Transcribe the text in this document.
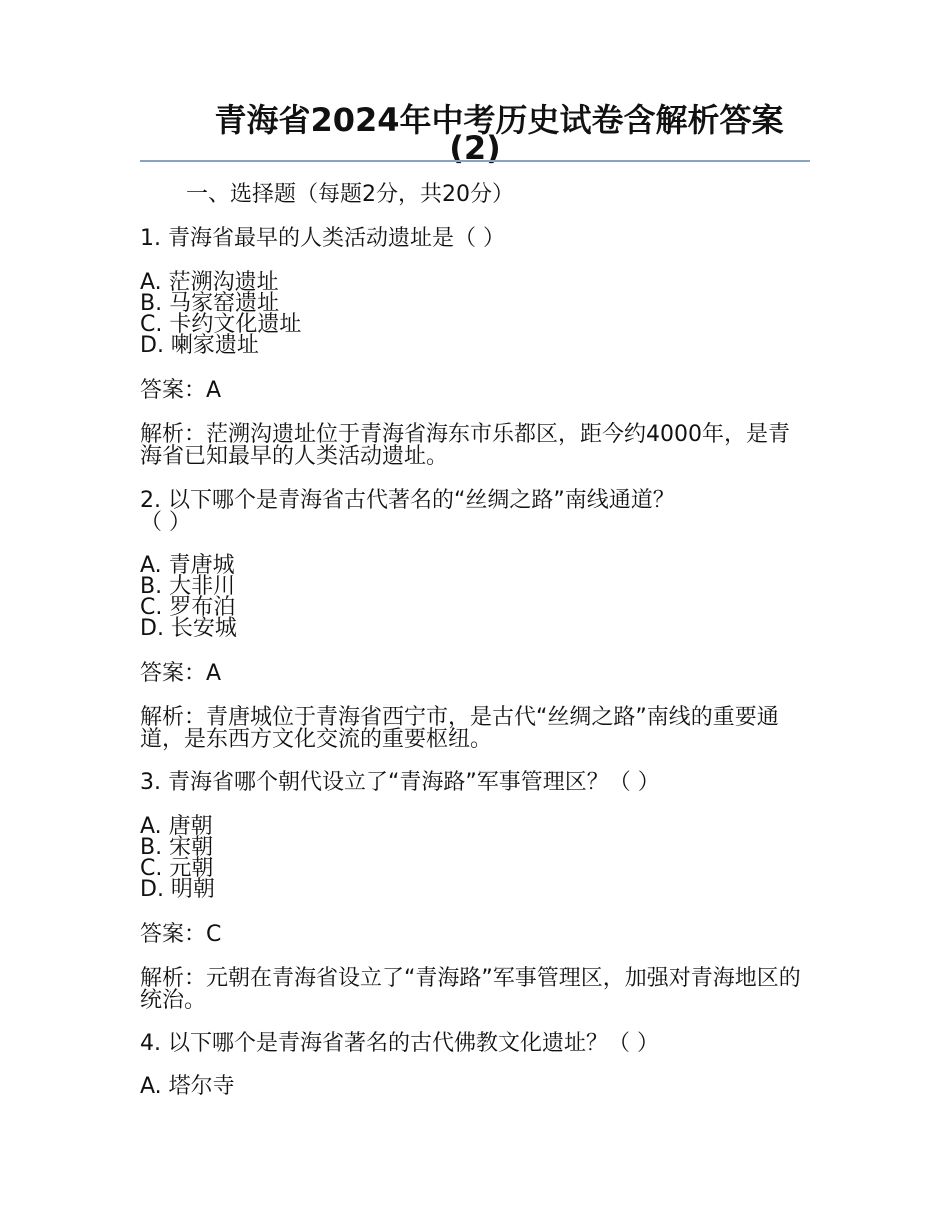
青海省2024年中考历史试卷含解析答案
(2)
一、选择题（每题2分，共20分）
1. 青海省最早的人类活动遗址是（ ）
A. 茫溯沟遗址
B. 马家窑遗址
C. 卡约文化遗址
D. 喇家遗址
答案：A
解析：茫溯沟遗址位于青海省海东市乐都区，距今约4000年，是青海省已知最早的人类活动遗址。
2. 以下哪个是青海省古代著名的“丝绸之路”南线通道？
（ ）
A. 青唐城
B. 大非川
C. 罗布泊
D. 长安城
答案：A
解析：青唐城位于青海省西宁市，是古代“丝绸之路”南线的重要通道，是东西方文化交流的重要枢纽。
3. 青海省哪个朝代设立了“青海路”军事管理区？（ ）
A. 唐朝
B. 宋朝
C. 元朝
D. 明朝
答案：C
解析：元朝在青海省设立了“青海路”军事管理区，加强对青海地区的统治。
4. 以下哪个是青海省著名的古代佛教文化遗址？（ ）
A. 塔尔寺
